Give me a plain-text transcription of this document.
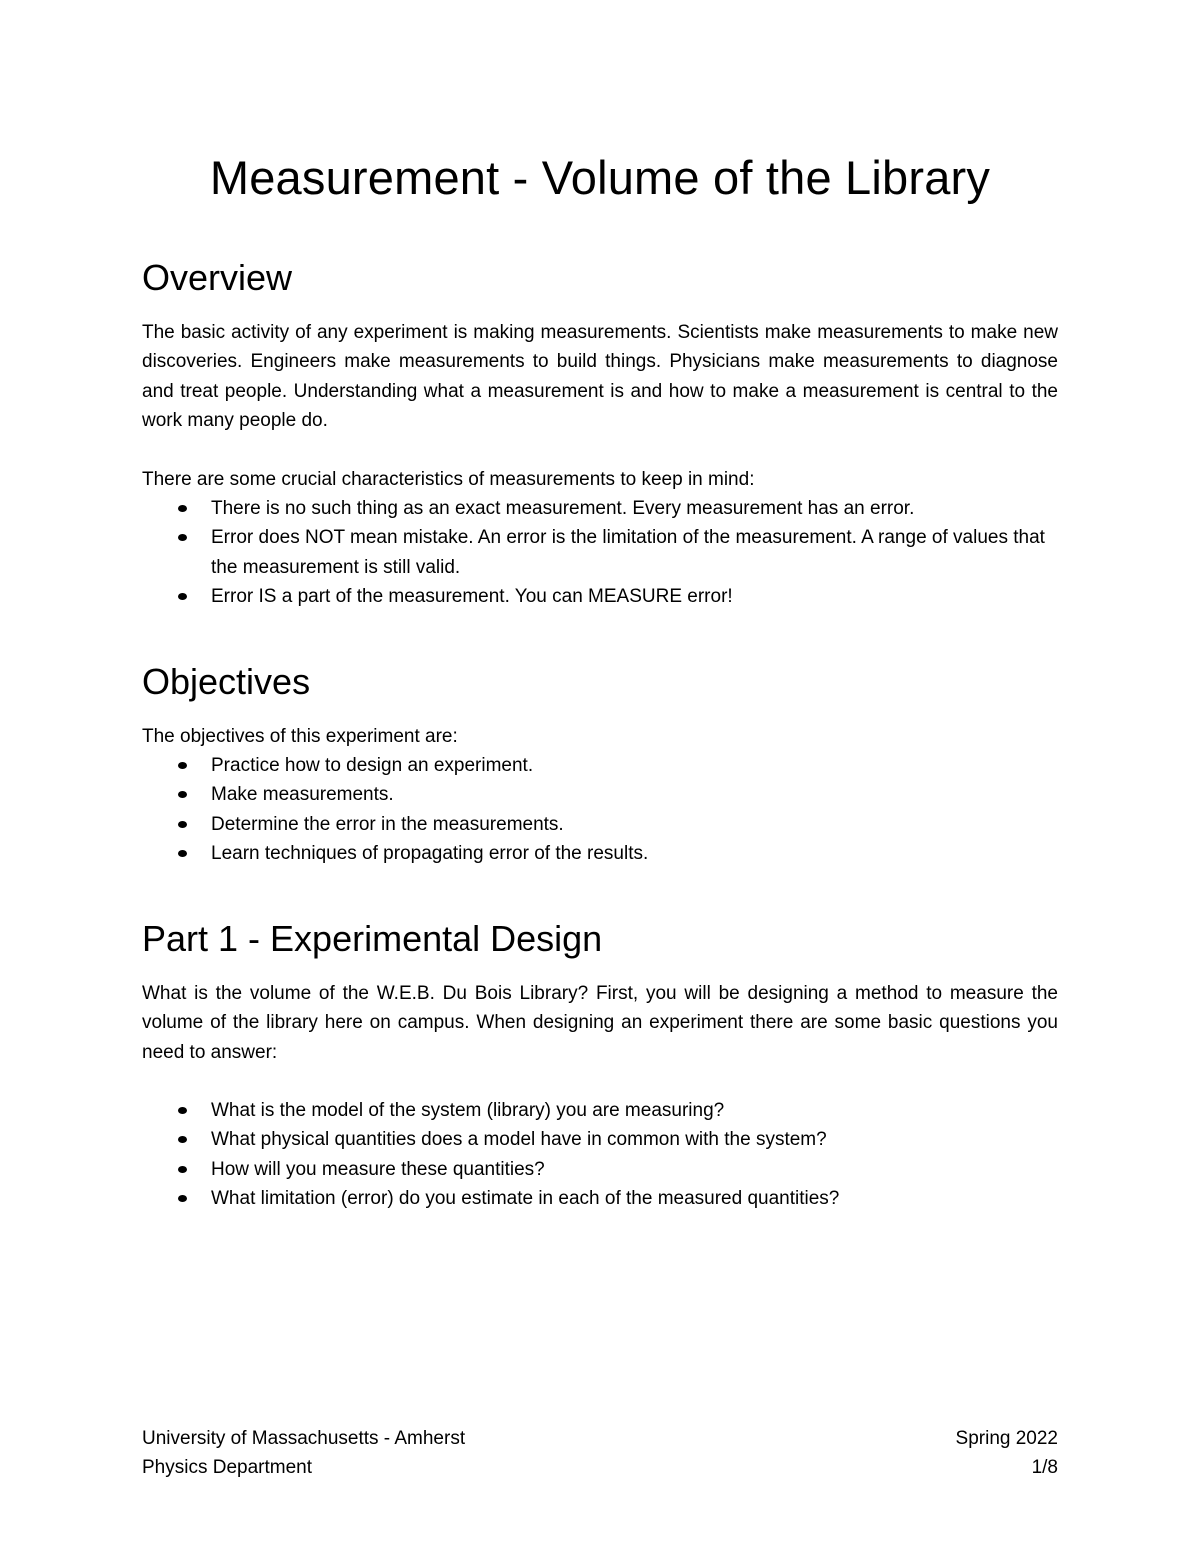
Measurement - Volume of the Library
Overview

The basic activity of any experiment is making measurements. Scientists make measurements to make new discoveries. Engineers make measurements to build things. Physicians make measurements to diagnose and treat people. Understanding what a measurement is and how to make a measurement is central to the work many people do.

There are some crucial characteristics of measurements to keep in mind:

There is no such thing as an exact measurement. Every measurement has an error.
Error does NOT mean mistake. An error is the limitation of the measurement. A range of values that the measurement is still valid.
Error IS a part of the measurement. You can MEASURE error!
Objectives

The objectives of this experiment are:

Practice how to design an experiment.
Make measurements.
Determine the error in the measurements.
Learn techniques of propagating error of the results.
Part 1 - Experimental Design

What is the volume of the W.E.B. Du Bois Library? First, you will be designing a method to measure the volume of the library here on campus. When designing an experiment there are some basic questions you need to answer:

What is the model of the system (library) you are measuring?
What physical quantities does a model have in common with the system?
How will you measure these quantities?
What limitation (error) do you estimate in each of the measured quantities?
University of Massachusetts - Amherst	Spring 2022
Physics Department	1/8
